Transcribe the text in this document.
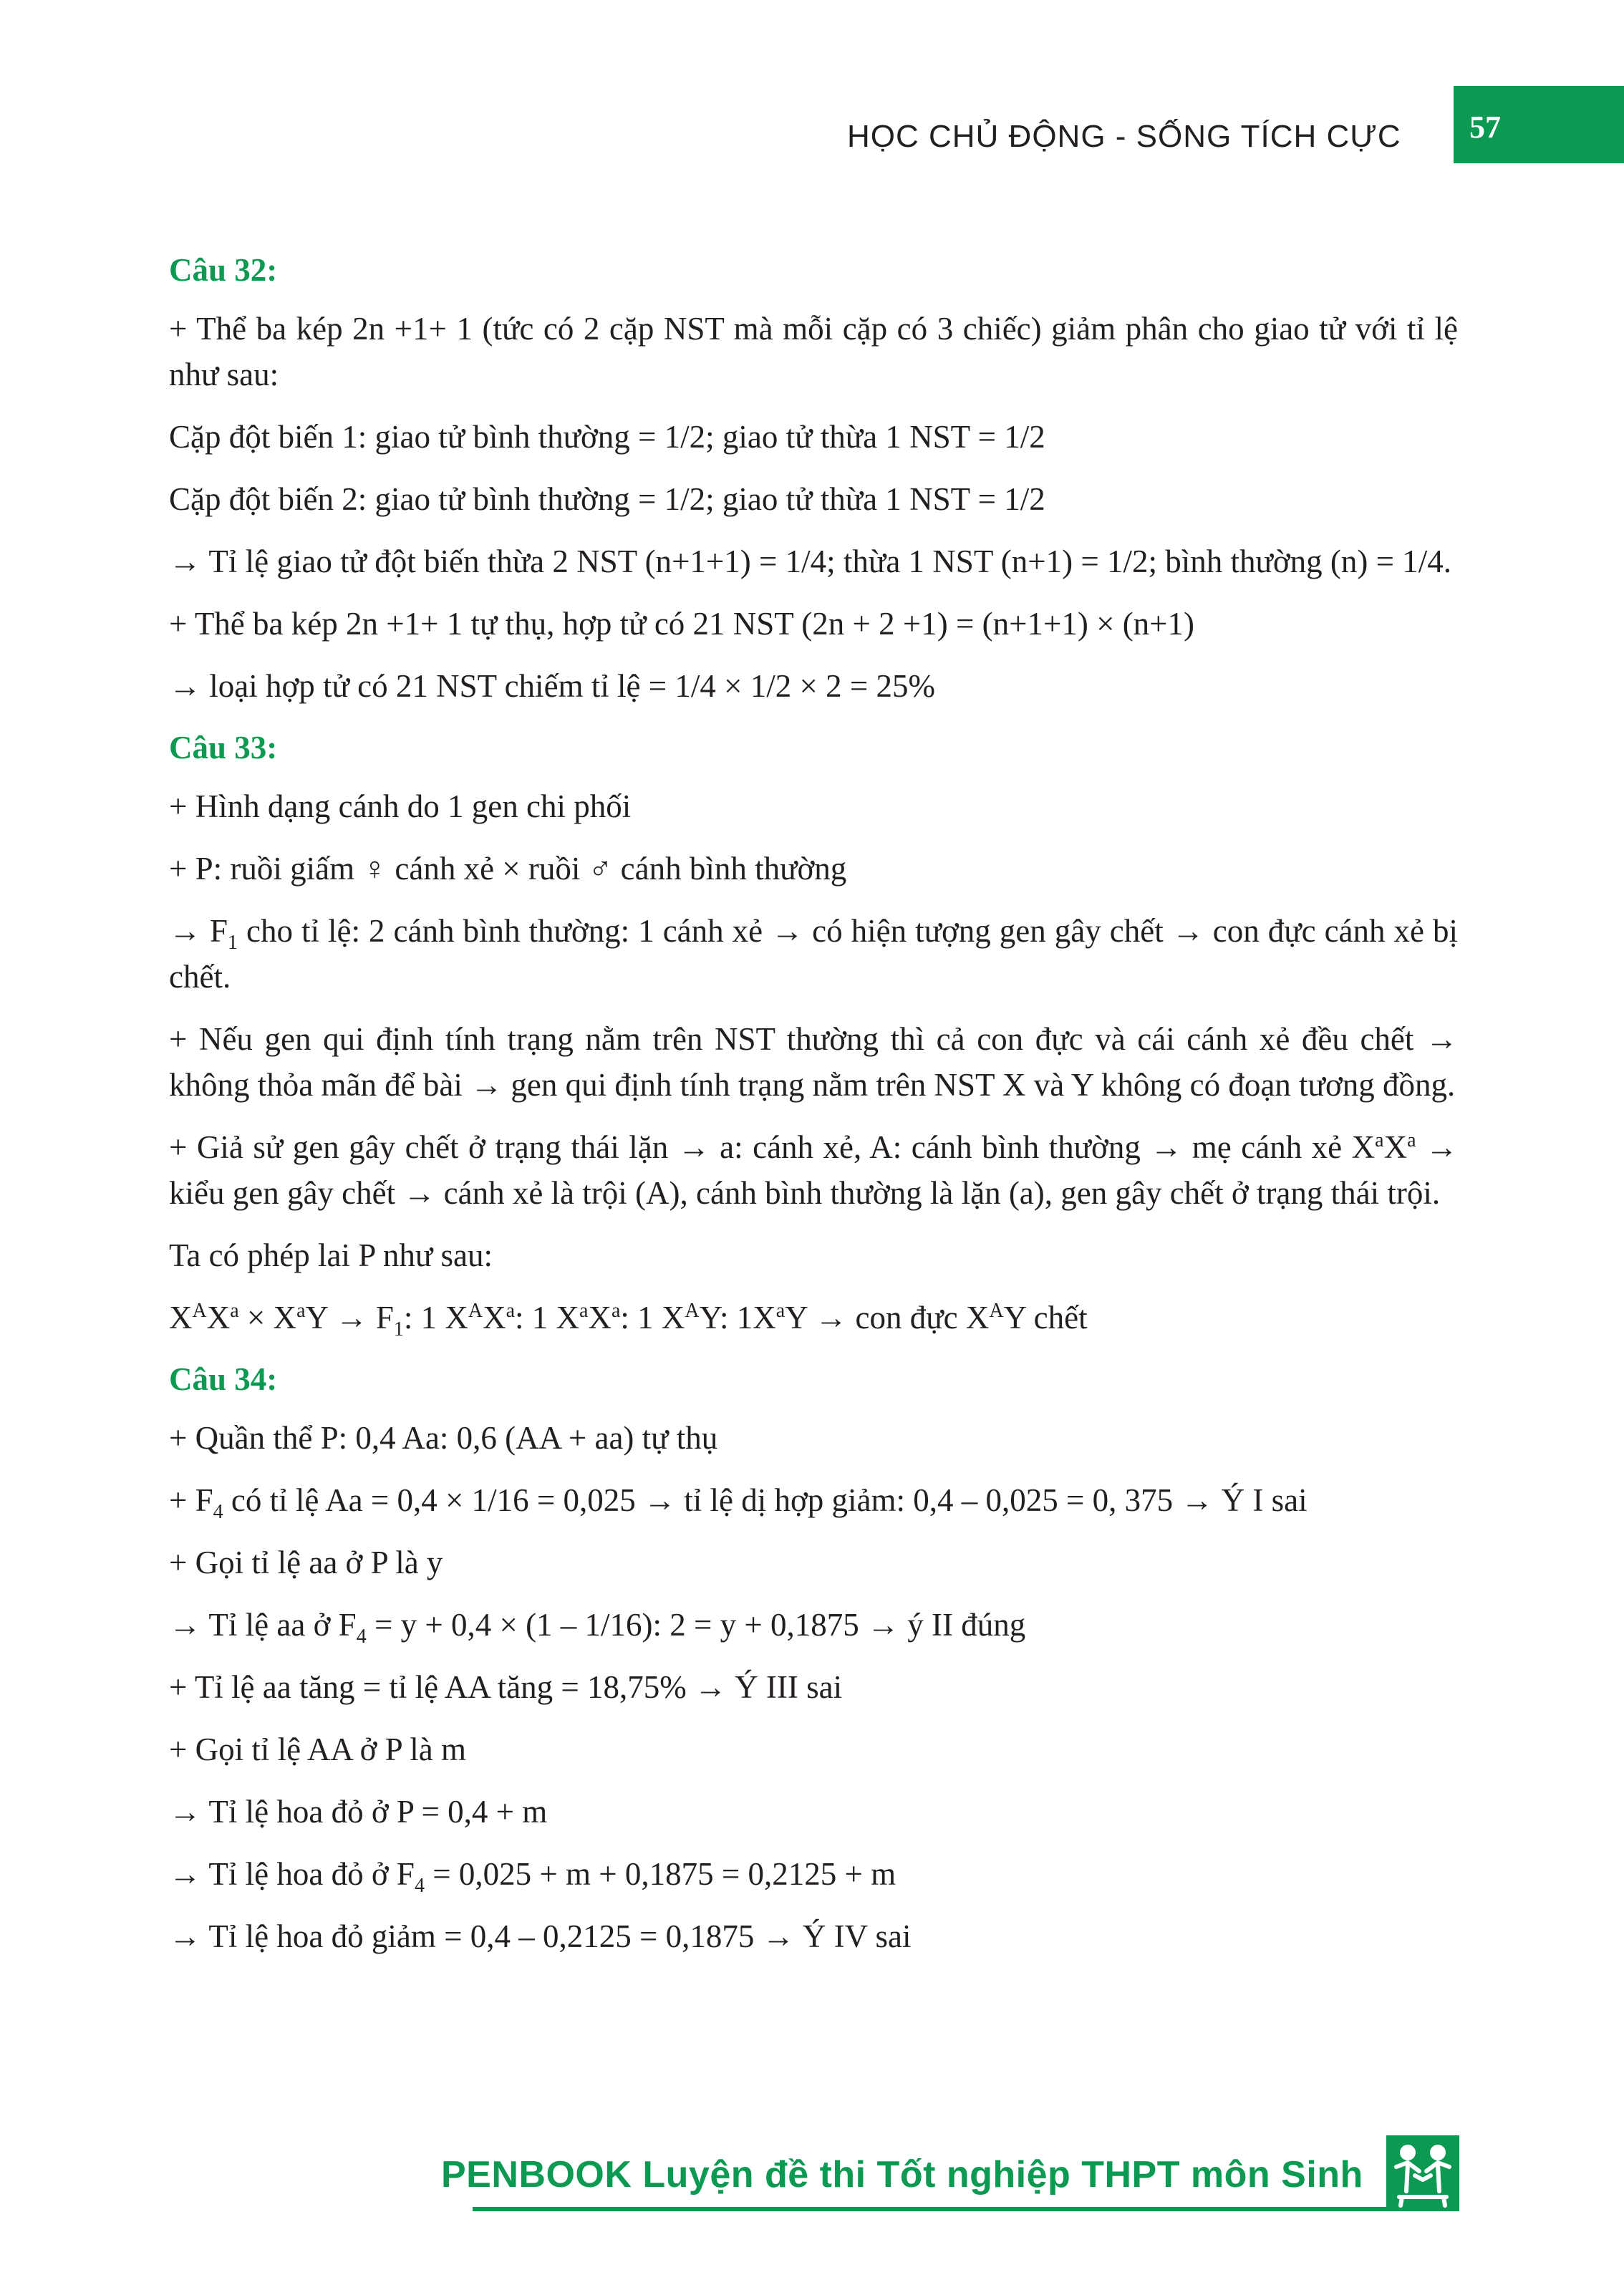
HỌC CHỦ ĐỘNG - SỐNG TÍCH CỰC	57
Câu 32:
+ Thể ba kép 2n +1+ 1 (tức có 2 cặp NST mà mỗi cặp có 3 chiếc) giảm phân cho giao tử với tỉ lệ như sau:
Cặp đột biến 1: giao tử bình thường = 1/2; giao tử thừa 1 NST = 1/2
Cặp đột biến 2: giao tử bình thường = 1/2; giao tử thừa 1 NST = 1/2
→ Tỉ lệ giao tử đột biến thừa 2 NST (n+1+1) = 1/4; thừa 1 NST (n+1) = 1/2; bình thường (n) = 1/4.
+ Thể ba kép 2n +1+ 1 tự thụ, hợp tử có 21 NST (2n + 2 +1) = (n+1+1) × (n+1)
→ loại hợp tử có 21 NST chiếm tỉ lệ = 1/4 × 1/2 × 2 = 25%
Câu 33:
+ Hình dạng cánh do 1 gen chi phối
+ P: ruồi giấm ♀ cánh xẻ × ruồi ♂ cánh bình thường
→ $F_1$ cho tỉ lệ: 2 cánh bình thường: 1 cánh xẻ → có hiện tượng gen gây chết → con đực cánh xẻ bị chết.
+ Nếu gen qui định tính trạng nằm trên NST thường thì cả con đực và cái cánh xẻ đều chết → không thỏa mãn để bài → gen qui định tính trạng nằm trên NST X và Y không có đoạn tương đồng.
+ Giả sử gen gây chết ở trạng thái lặn → a: cánh xẻ, A: cánh bình thường → mẹ cánh xẻ $X^aX^a$ → kiểu gen gây chết → cánh xẻ là trội (A), cánh bình thường là lặn (a), gen gây chết ở trạng thái trội.
Ta có phép lai P như sau:
$X^AX^a \times X^aY \to F_1$: 1 $X^AX^a$: 1 $X^aX^a$: 1 $X^AY$: $1X^aY$ → con đực $X^AY$ chết
Câu 34:
+ Quần thể P: 0,4 Aa: 0,6 (AA + aa) tự thụ
+ $F_4$ có tỉ lệ Aa = 0,4 × 1/16 = 0,025 → tỉ lệ dị hợp giảm: 0,4 – 0,025 = 0, 375 → Ý I sai
+ Gọi tỉ lệ aa ở P là y
→ Tỉ lệ aa ở $F_4 = y + 0,4 \times (1 - 1/16)$: 2 = y + 0,1875 → ý II đúng
+ Tỉ lệ aa tăng = tỉ lệ AA tăng = 18,75% → Ý III sai
+ Gọi tỉ lệ AA ở P là m
→ Tỉ lệ hoa đỏ ở P = 0,4 + m
→ Tỉ lệ hoa đỏ ở $F_4 = 0,025 + m + 0,1875 = 0,2125 + m$
→ Tỉ lệ hoa đỏ giảm = 0,4 – 0,2125 = 0,1875 → Ý IV sai
PENBOOK Luyện đề thi Tốt nghiệp THPT môn Sinh
